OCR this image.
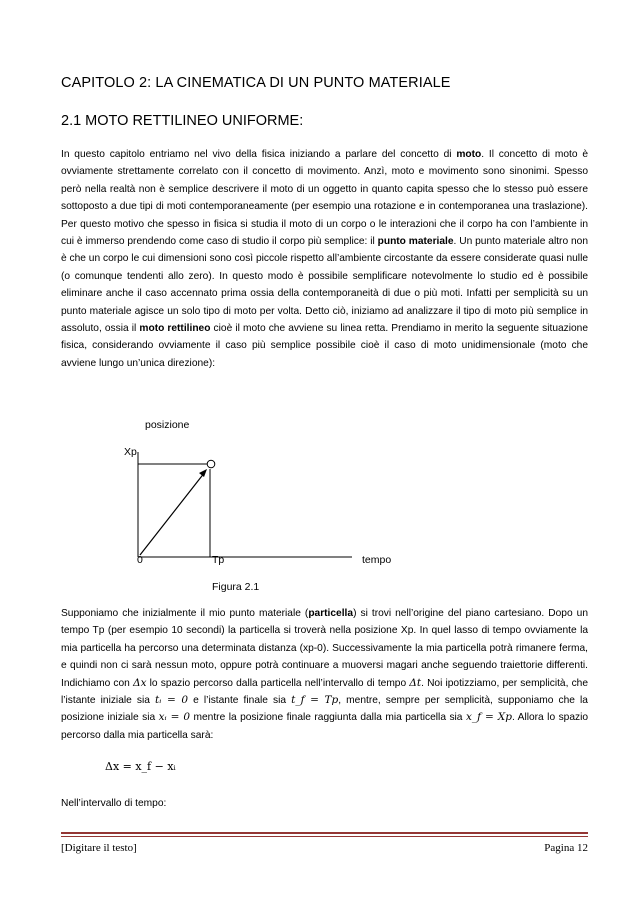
CAPITOLO 2: LA CINEMATICA DI UN PUNTO MATERIALE
2.1 MOTO RETTILINEO UNIFORME:

In questo capitolo entriamo nel vivo della fisica iniziando a parlare del concetto di moto. Il concetto di moto è ovviamente strettamente correlato con il concetto di movimento. Anzì, moto e movimento sono sinonimi. Spesso però nella realtà non è semplice descrivere il moto di un oggetto in quanto capita spesso che lo stesso può essere sottoposto a due tipi di moti contemporaneamente (per esempio una rotazione e in contemporanea una traslazione). Per questo motivo che spesso in fisica si studia il moto di un corpo o le interazioni che il corpo ha con l’ambiente in cui è immerso prendendo come caso di studio il corpo più semplice: il punto materiale. Un punto materiale altro non è che un corpo le cui dimensioni sono così piccole rispetto all’ambiente circostante da essere considerate quasi nulle (o comunque tendenti allo zero). In questo modo è possibile semplificare notevolmente lo studio ed è possibile eliminare anche il caso accennato prima ossia della contemporaneità di due o più moti. Infatti per semplicità su un punto materiale agisce un solo tipo di moto per volta. Detto ciò, iniziamo ad analizzare il tipo di moto più semplice in assoluto, ossia il moto rettilineo cioè il moto che avviene su linea retta. Prendiamo in merito la seguente situazione fisica, considerando ovviamente il caso più semplice possibile cioè il caso di moto unidimensionale (moto che avviene lungo un’unica direzione):

posizione
Xp
0	Tp	tempo
Figura 2.1

Supponiamo che inizialmente il mio punto materiale (particella) si trovi nell’origine del piano cartesiano. Dopo un tempo Tp (per esempio 10 secondi) la particella si troverà nella posizione Xp. In quel lasso di tempo ovviamente la mia particella ha percorso una determinata distanza (xp-0). Successivamente la mia particella potrà rimanere ferma, e quindi non ci sarà nessun moto, oppure potrà continuare a muoversi magari anche seguendo traiettorie differenti. Indichiamo con Δx lo spazio percorso dalla particella nell’intervallo di tempo Δt. Noi ipotizziamo, per semplicità, che l’istante iniziale sia tᵢ = 0 e l’istante finale sia t_f = Tp, mentre, sempre per semplicità, supponiamo che la posizione iniziale sia xᵢ = 0 mentre la posizione finale raggiunta dalla mia particella sia x_f = Xp. Allora lo spazio percorso dalla mia particella sarà:

Δx = x_f − xᵢ
Nell’intervallo di tempo:
[Digitare il testo]	Pagina 12
